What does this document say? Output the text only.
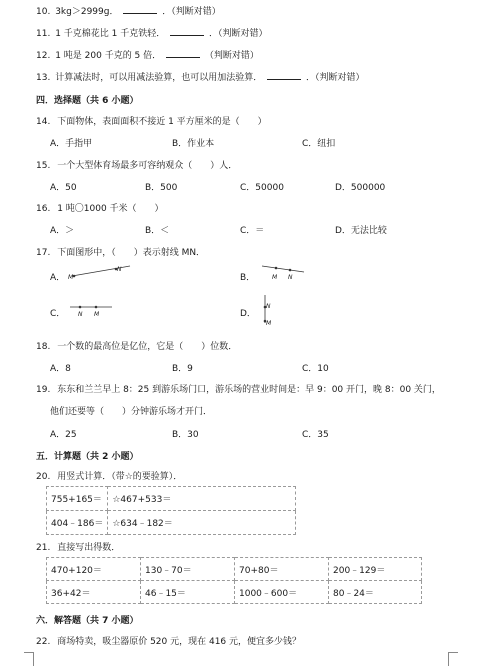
10. 3kg＞2999g．	．（判断对错）
11. 1 千克棉花比 1 千克铁轻．	．（判断对错）
12. 1 吨是 200 千克的 5 倍．	（判断对错）
13. 计算减法时，可以用减法验算，也可以用加法验算．	．（判断对错）
四．选择题（共 6 小题）
14. 下面物体，表面面积不接近 1 平方厘米的是（　　）
A．手指甲	B．作业本	C．纽扣
15. 一个大型体育场最多可容纳观众（　　）人．
A．50	B．500	C．50000	D．500000
16. 1 吨〇1000 千米（　　）
A．＞	B．＜	C．＝	D．无法比较
17. 下面图形中，（　　）表示射线 MN．
A． M
N
B．	M N
C． N M	D．
N
M
18. 一个数的最高位是亿位，它是（　　）位数．
A．8	B．9	C．10
19. 东东和兰兰早上 8：25 到游乐场门口，游乐场的营业时间是：早 9：00 开门，晚 8：00 关门，
他们还要等（　　）分钟游乐场才开门．
A．25	B．30	C．35
五．计算题（共 2 小题）
20. 用竖式计算．（带☆的要验算）．
755+165＝	☆467+533＝
404﹣186＝	☆634﹣182＝
21. 直接写出得数．
470+120＝	130﹣70＝	70+80＝	200﹣129＝
36+42＝	46﹣15＝	1000﹣600＝	80﹣24＝
六．解答题（共 7 小题）
22. 商场特卖，吸尘器原价 520 元，现在 416 元，便宜多少钱？
